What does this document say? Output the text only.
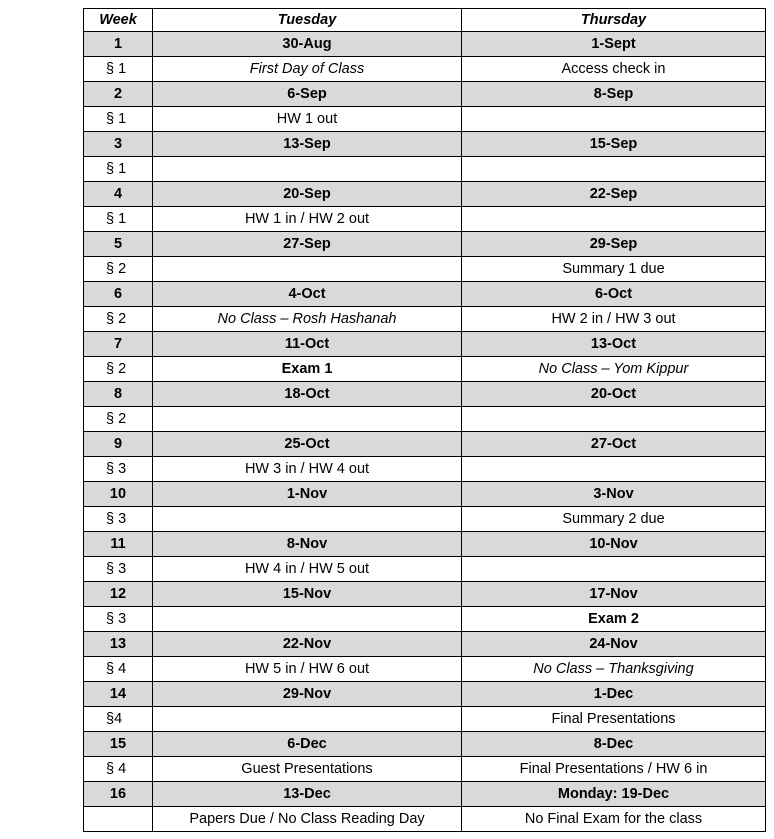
Week	Tuesday	Thursday
1	30-Aug	1-Sept
§ 1	First Day of Class	Access check in
2	6-Sep	8-Sep
§ 1	HW 1 out	
3	13-Sep	15-Sep
§ 1		
4	20-Sep	22-Sep
§ 1	HW 1 in / HW 2 out	
5	27-Sep	29-Sep
§ 2		Summary 1 due
6	4-Oct	6-Oct
§ 2	No Class – Rosh Hashanah	HW 2 in / HW 3 out
7	11-Oct	13-Oct
§ 2	Exam 1	No Class – Yom Kippur
8	18-Oct	20-Oct
§ 2		
9	25-Oct	27-Oct
§ 3	HW 3 in / HW 4 out	
10	1-Nov	3-Nov
§ 3		Summary 2 due
11	8-Nov	10-Nov
§ 3	HW 4 in / HW 5 out	
12	15-Nov	17-Nov
§ 3		Exam 2
13	22-Nov	24-Nov
§ 4	HW 5 in / HW 6 out	No Class – Thanksgiving
14	29-Nov	1-Dec
§4		Final Presentations
15	6-Dec	8-Dec
§ 4	Guest Presentations	Final Presentations / HW 6 in
16	13-Dec	Monday: 19-Dec
	Papers Due / No Class Reading Day	No Final Exam for the class
